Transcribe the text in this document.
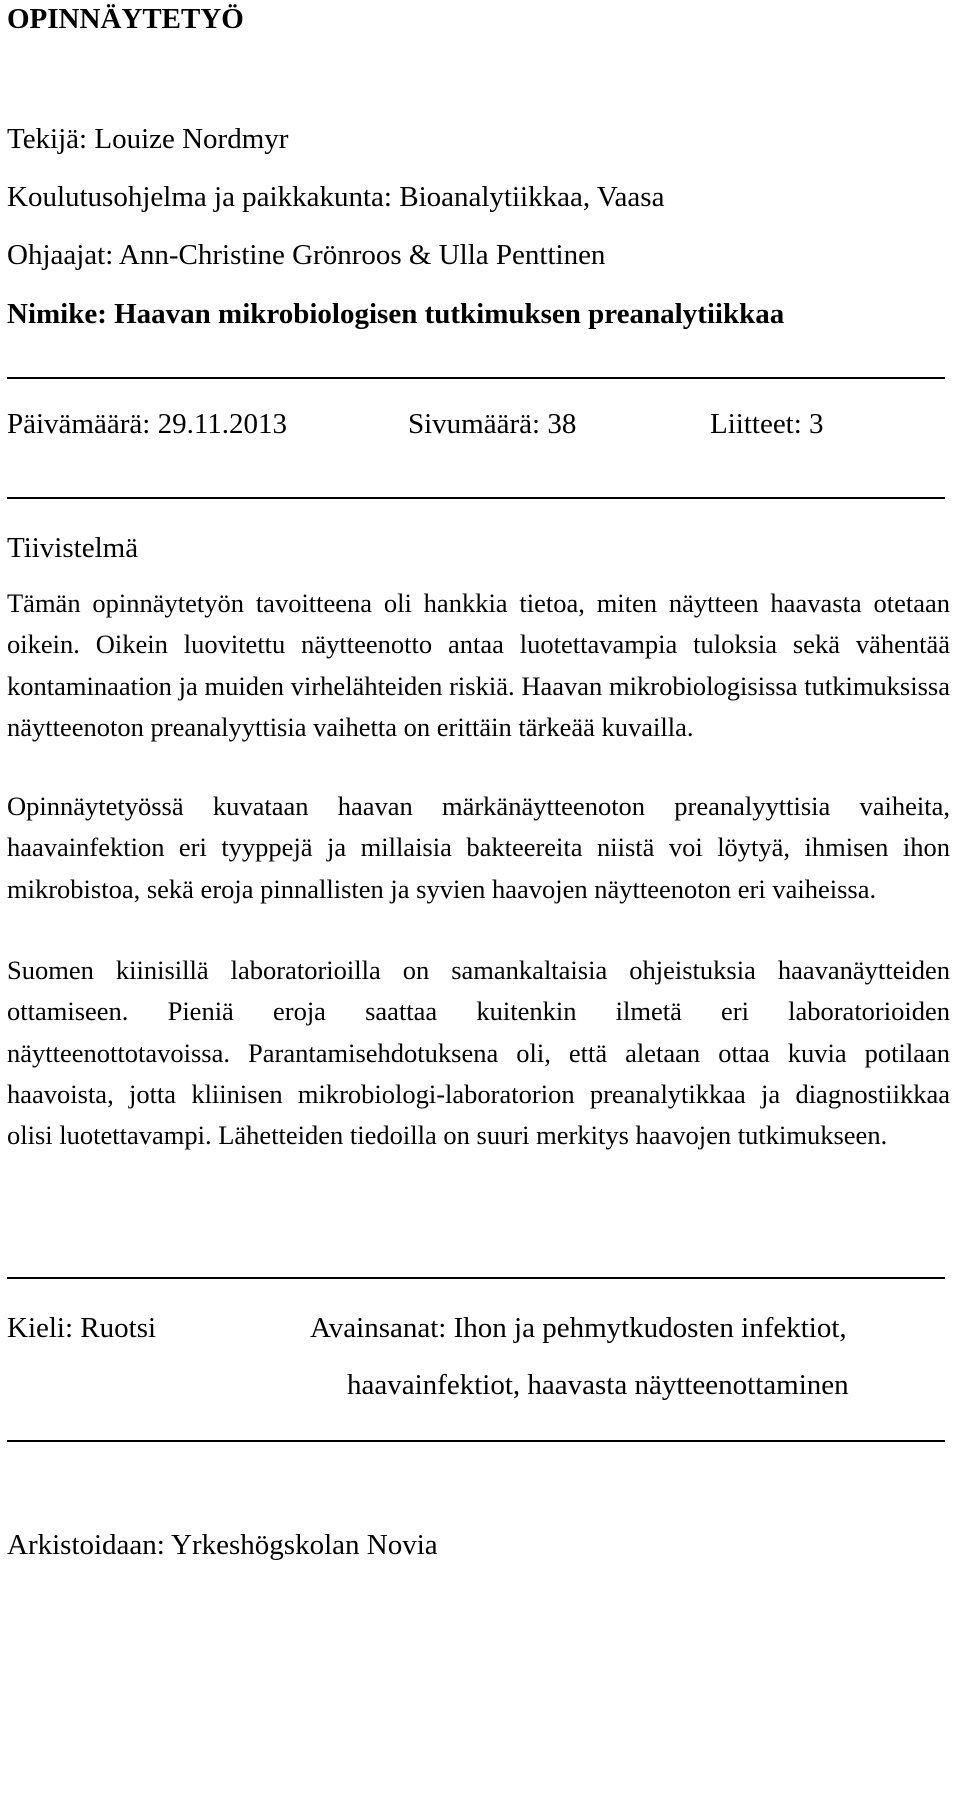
OPINNÄYTETYÖ
Tekijä: Louize Nordmyr
Koulutusohjelma ja paikkakunta: Bioanalytiikkaa, Vaasa
Ohjaajat: Ann-Christine Grönroos & Ulla Penttinen
Nimike: Haavan mikrobiologisen tutkimuksen preanalytiikkaa
Päivämäärä: 29.11.2013	Sivumäärä: 38	Liitteet: 3
Tiivistelmä

Tämän opinnäytetyön tavoitteena oli hankkia tietoa, miten näytteen haavasta otetaan oikein. Oikein luovitettu näytteenotto antaa luotettavampia tuloksia sekä vähentää kontaminaation ja muiden virhelähteiden riskiä. Haavan mikrobiologisissa tutkimuksissa näytteenoton preanalyyttisia vaihetta on erittäin tärkeää kuvailla.

Opinnäytetyössä kuvataan haavan märkänäytteenoton preanalyyttisia vaiheita, haavainfektion eri tyyppejä ja millaisia bakteereita niistä voi löytyä, ihmisen ihon mikrobistoa, sekä eroja pinnallisten ja syvien haavojen näytteenoton eri vaiheissa.

Suomen kiinisillä laboratorioilla on samankaltaisia ohjeistuksia haavanäytteiden ottamiseen. Pieniä eroja saattaa kuitenkin ilmetä eri laboratorioiden näytteenottotavoissa. Parantamisehdotuksena oli, että aletaan ottaa kuvia potilaan haavoista, jotta kliinisen mikrobiologi-laboratorion preanalytikkaa ja diagnostiikkaa olisi luotettavampi. Lähetteiden tiedoilla on suuri merkitys haavojen tutkimukseen.

Kieli: Ruotsi	Avainsanat: Ihon ja pehmytkudosten infektiot,
haavainfektiot, haavasta näytteenottaminen
Arkistoidaan: Yrkeshögskolan Novia
